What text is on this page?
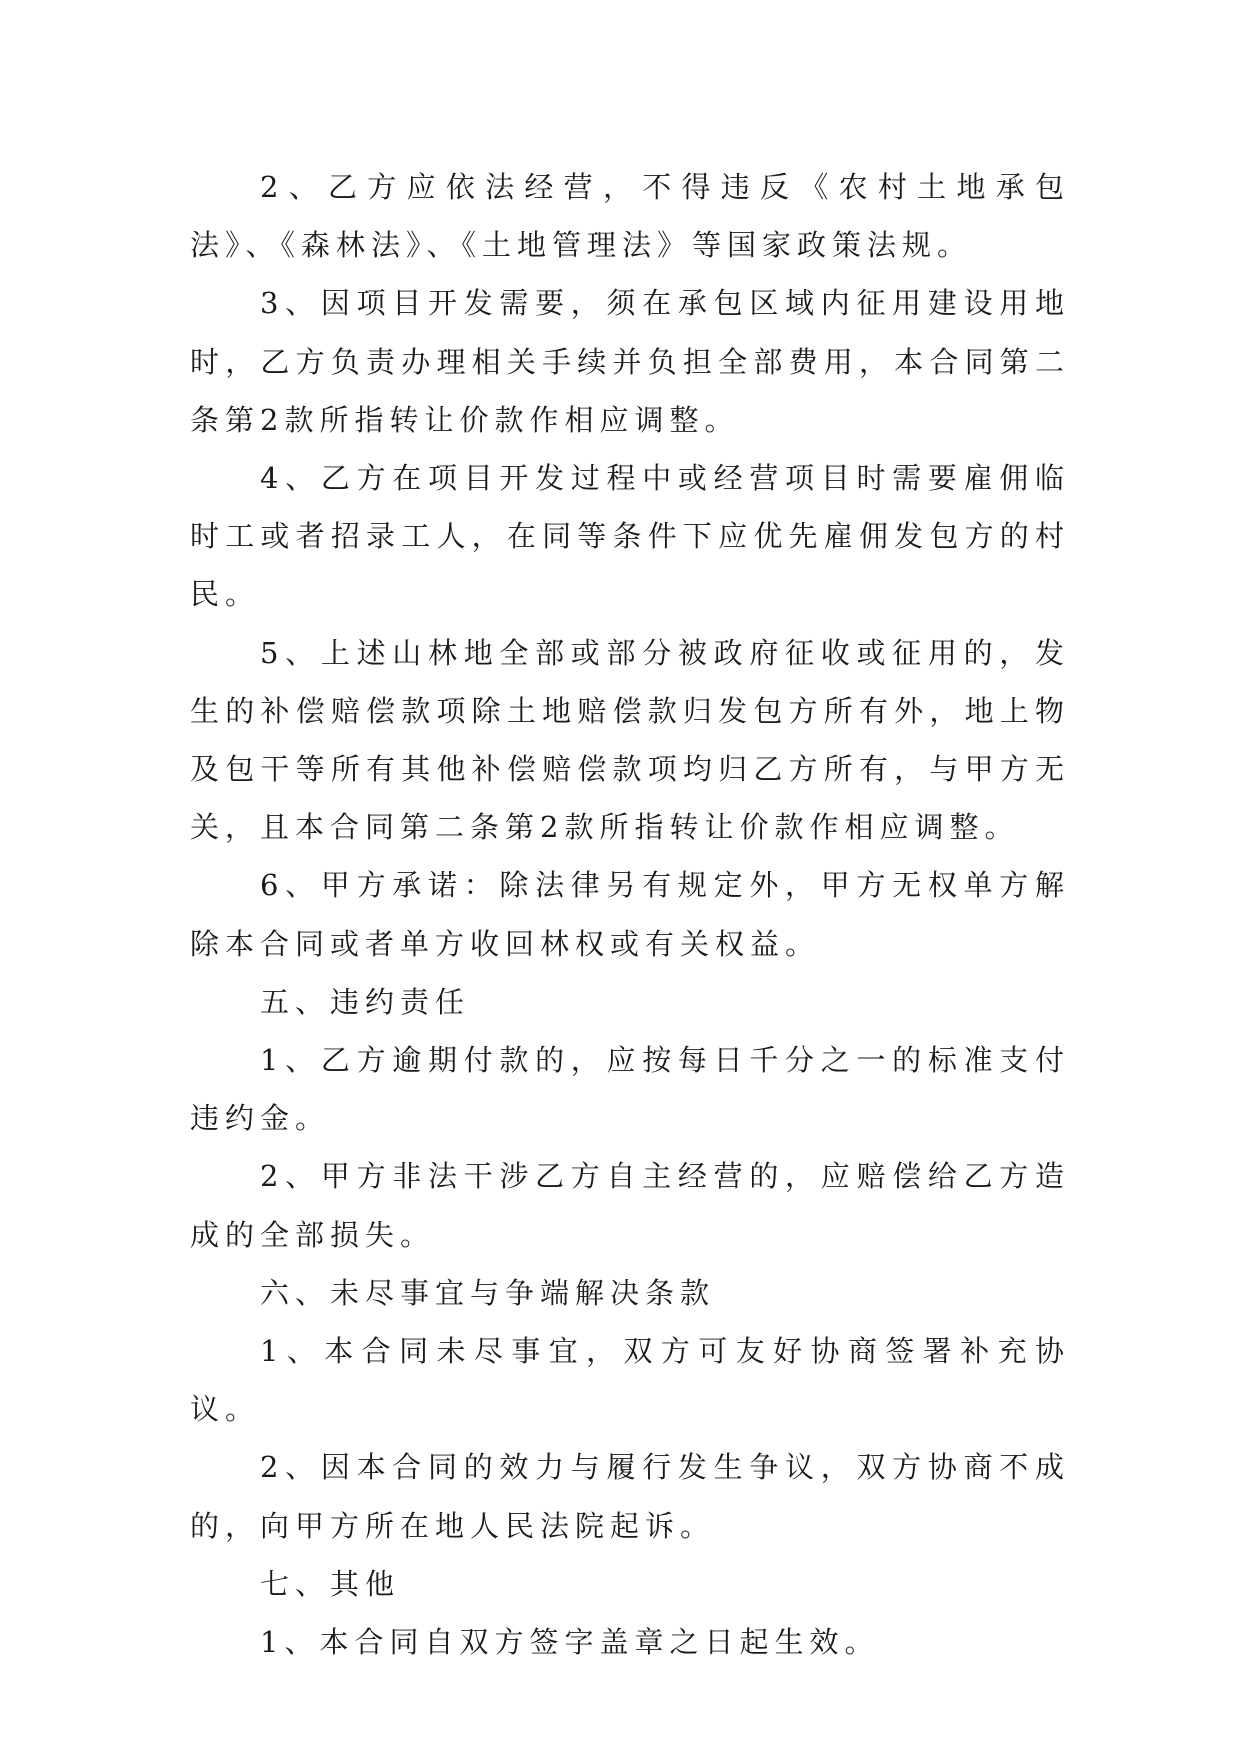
2、乙方应依法经营，不得违反《农村土地承包法》、《森林法》、《土地管理法》等国家政策法规。

3、因项目开发需要，须在承包区域内征用建设用地时，乙方负责办理相关手续并负担全部费用，本合同第二条第2款所指转让价款作相应调整。

4、乙方在项目开发过程中或经营项目时需要雇佣临时工或者招录工人，在同等条件下应优先雇佣发包方的村民。

5、上述山林地全部或部分被政府征收或征用的，发生的补偿赔偿款项除土地赔偿款归发包方所有外，地上物及包干等所有其他补偿赔偿款项均归乙方所有，与甲方无关，且本合同第二条第2款所指转让价款作相应调整。

6、甲方承诺：除法律另有规定外，甲方无权单方解除本合同或者单方收回林权或有关权益。

五、违约责任

1、乙方逾期付款的，应按每日千分之一的标准支付违约金。

2、甲方非法干涉乙方自主经营的，应赔偿给乙方造成的全部损失。

六、未尽事宜与争端解决条款

1、本合同未尽事宜，双方可友好协商签署补充协议。

2、因本合同的效力与履行发生争议，双方协商不成的，向甲方所在地人民法院起诉。

七、其他

1、本合同自双方签字盖章之日起生效。
